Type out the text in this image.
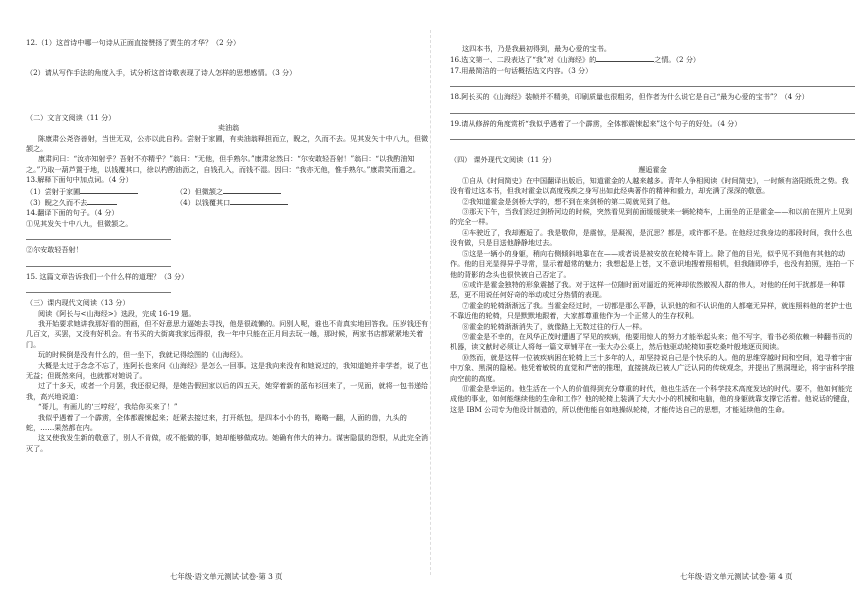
12.（1）这首诗中哪一句诗从正面直接赞扬了贾生的才华？（2 分）
（2）请从写作手法的角度入手，试分析这首诗歌表现了诗人怎样的思想感情。（3 分）
（二）文言文阅读（11 分）
卖油翁
陈康肃公尧咨善射，当世无双，公亦以此自矜。尝射于家圃，有卖油翁释担而立，睨之，久而不去。见其发矢十中八九，但微颔之。
康肃问曰：“汝亦知射乎？吾射不亦精乎？”翁曰：“无他，但手熟尔。”康肃忿然曰：“尔安敢轻吾射！”翁曰：“以我酌油知之。”乃取一葫芦置于地，以钱覆其口，徐以杓酌油沥之，自钱孔入，而钱不湿。因曰：“我亦无他，惟手熟尔。”康肃笑而遣之。
13.解释下面句中加点词。（4 分）
（1）尝射于家圃	（2）但微颔之
（3）睨之久而不去	（4）以钱覆其口
14.翻译下面的句子。（4 分）
①见其发矢十中八九，但微颔之。
②尔安敢轻吾射！
15. 这篇文章告诉我们一个什么样的道理？（3 分）
（三）课内现代文阅读（13 分）
阅读《阿长与<山海经>》选段，完成 16-19 题。
我开始要求她讲我那好看的图画，但不好意思力逼她去寻找，他是很疏懒的。问别人呢，谁也不肯真实地回答我。压岁钱还有几百文，买罢，又没有好机会。有书买的大街离我家远得很，我一年中只能在正月间去玩一趟，那时候，两家书店都紧紧地关着门。
玩的时候倒是没有什么的，但一坐下，我就记得绘图的《山海经》。
大概是太过于念念不忘了，连阿长也来问《山海经》是怎么一回事。这是我向来没有和她说过的，我知道她并非学者，说了也无益；但既然来问，也就都对她说了。
过了十多天，或者一个月罢，我还很记得，是她告假回家以后的四五天，她穿着新的蓝布衫回来了，一见面，就将一包书递给我，高兴地说道：
“哥儿，有画儿的‘三哼经’，我给你买来了！”
我似乎遇着了一个霹雳，全体都震悚起来；赶紧去接过来，打开纸包，是四本小小的书，略略一翻，人面的兽，九头的蛇，……果然都在内。
这又使我发生新的敬意了，别人不肯做，或不能做的事，她却能够做成功。她确有伟大的神力。谋害隐鼠的怨恨，从此完全消灭了。
这四本书，乃是我最初得到，最为心爱的宝书。
16.选文第一、二段表达了“我”对《山海经》的	之情。（2 分）
17.用最简洁的一句话概括选文内容。（3 分）
18.阿长买的《山海经》装帧并不精美，印刷质量也很粗劣，但作者为什么说它是自己“最为心爱的宝书”？（4 分）
19.请从修辞的角度赏析“我似乎遇着了一个霹雳，全体都震悚起来”这个句子的好处。（4 分）
（四） 课外现代文阅读（11 分）
邂逅霍金
①自从《时间简史》在中国翻译出版后，知道霍金的人越来越多。青年人争相阅读《时间简史》，一时颇有洛阳纸贵之势。我没有看过这本书，但我对霍金以高度残疾之身写出如此经典著作的精神和毅力，却充满了深深的敬意。
②我知道霍金是剑桥大学的，想不到在来剑桥的第二周就见到了他。
③那天下午，当我们经过剑桥河边的时候，突然看见到前面缓缓驶来一辆轮椅车，上面坐的正是霍金——和以前在照片上见到的完全一样。
④车驶近了，我却邂逅了。我是敬仰，是震惊，是凝视，是沉思？都是，或许都不是。在他经过我身边的那段时间，我什么也没有做，只是目送他静静地过去。
⑤这是一辆小的身躯，稍向右侧倾斜地靠在在——或者说是被安放在轮椅车背上。除了他的目光，似乎见不到他有其他的动作。他的目光显得异乎寻常，显示着超常的魅力；我想起是上苍，又不意识地搜着照相机，但我随即停手，也没有拍照，连拍一下他的背影的念头也很快被自己否定了。
⑥或许是霍金独特的形象震撼了我。对于这样一位随时面对逼近的死神却依然傲视人群的伟人，对他的任何干扰都是一种罪恶，更不用说任何好奇的举动或过分热情的表现。
⑦霍金的轮椅渐渐远了我。当霍金经过时，一切都是那么平静，认识他的和不认识他的人都毫无异样，就连照料他的老护士也不靠近他的轮椅，只是默默地跟着，大家都尊重他作为一个正常人的生存权利。
⑧霍金的轮椅渐渐消失了，就像路上无数过往的行人一样。
⑨霍金是不幸的，在风华正茂时遭遇了罕见的疾病，他要用惊人的努力才能举起头来；他不写字，看书必须依赖一种翻书页的机器，读文献时必须让人将每一篇文章铺平在一张大办公桌上，然后他驱动轮椅如蚕吃桑叶般地逐页阅读。
⑩然而，就是这样一位被疾病困在轮椅上三十多年的人，却坚持说自己是个快乐的人。他的思维穿越时间和空间，追寻着宇宙中万象、黑洞的隐秘。他凭着敏锐的直觉和严密的推理，直接挑战已被人广泛认同的传统观念，并提出了黑洞理论，将宇宙科学推向空前的高度。
⑪霍金是幸运的。他生活在一个人的价值得到充分尊重的时代，他也生活在一个科学技术高度发达的时代。要不，他如何能完成他的事业，如何能继续他的生命和工作？他的轮椅上装满了大大小小的机械和电脑，他的身躯就靠支撑它活着。他说话的键盘，这是 IBM 公司专为他设计制造的，所以使他能自如地操纵轮椅，才能传达自己的思想，才能延续他的生命。
七年级·语文单元测试·试卷·第 3 页	七年级·语文单元测试·试卷·第 4 页
